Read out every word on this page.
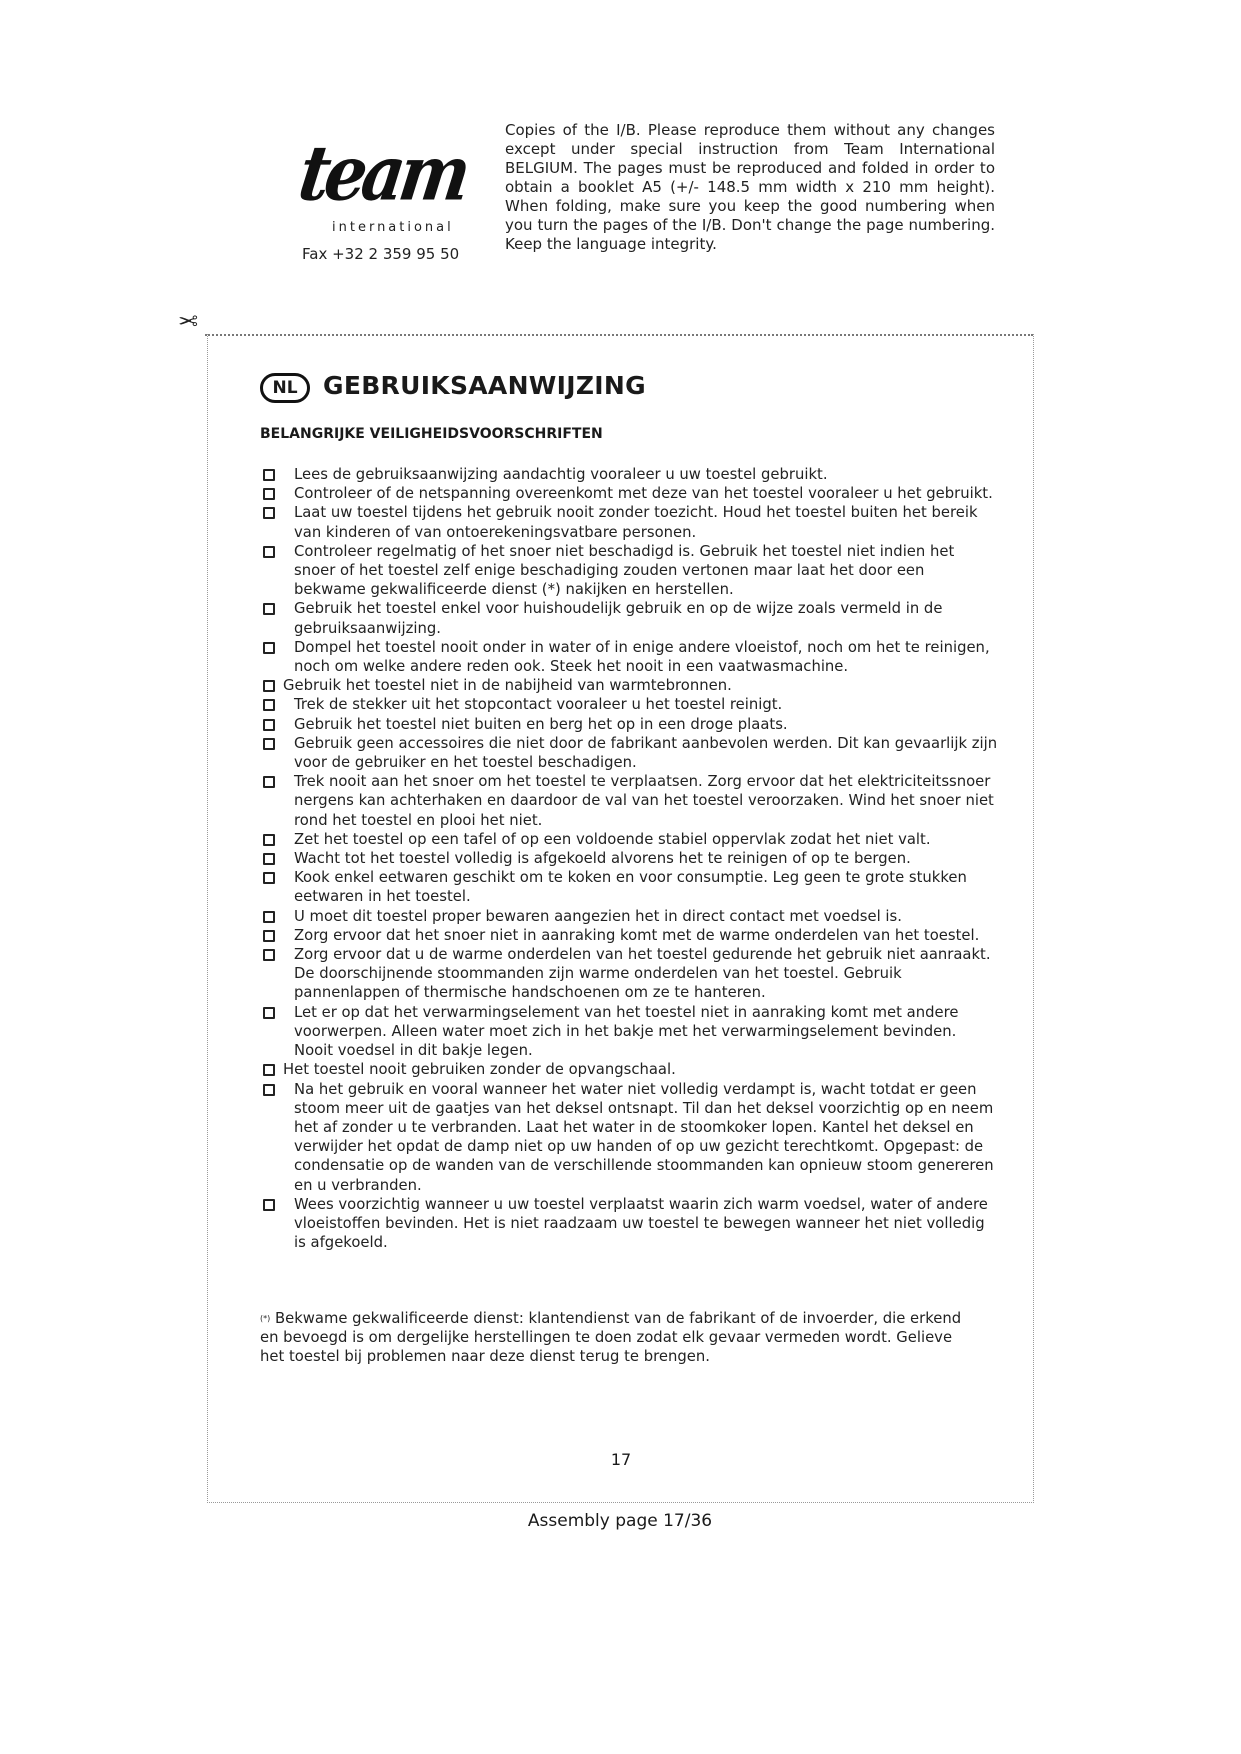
team
international
Fax +32 2 359 95 50

Copies of the I/B. Please reproduce them without any changes except under special instruction from Team International BELGIUM. The pages must be reproduced and folded in order to obtain a booklet A5 (+/- 148.5 mm width x 210 mm height). When folding, make sure you keep the good numbering when you turn the pages of the I/B. Don't change the page numbering. Keep the language integrity.

✂
NL	GEBRUIKSAANWIJZING
BELANGRIJKE VEILIGHEIDSVOORSCHRIFTEN
Lees de gebruiksaanwijzing aandachtig vooraleer u uw toestel gebruikt.
Controleer of de netspanning overeenkomt met deze van het toestel vooraleer u het gebruikt.
Laat uw toestel tijdens het gebruik nooit zonder toezicht. Houd het toestel buiten het bereik van kinderen of van ontoerekeningsvatbare personen.
Controleer regelmatig of het snoer niet beschadigd is. Gebruik het toestel niet indien het snoer of het toestel zelf enige beschadiging zouden vertonen maar laat het door een bekwame gekwalificeerde dienst (*) nakijken en herstellen.
Gebruik het toestel enkel voor huishoudelijk gebruik en op de wijze zoals vermeld in de gebruiksaanwijzing.
Dompel het toestel nooit onder in water of in enige andere vloeistof, noch om het te reinigen, noch om welke andere reden ook. Steek het nooit in een vaatwasmachine.
Gebruik het toestel niet in de nabijheid van warmtebronnen.
Trek de stekker uit het stopcontact vooraleer u het toestel reinigt.
Gebruik het toestel niet buiten en berg het op in een droge plaats.
Gebruik geen accessoires die niet door de fabrikant aanbevolen werden. Dit kan gevaarlijk zijn voor de gebruiker en het toestel beschadigen.
Trek nooit aan het snoer om het toestel te verplaatsen. Zorg ervoor dat het elektriciteitssnoer nergens kan achterhaken en daardoor de val van het toestel veroorzaken. Wind het snoer niet rond het toestel en plooi het niet.
Zet het toestel op een tafel of op een voldoende stabiel oppervlak zodat het niet valt.
Wacht tot het toestel volledig is afgekoeld alvorens het te reinigen of op te bergen.
Kook enkel eetwaren geschikt om te koken en voor consumptie. Leg geen te grote stukken eetwaren in het toestel.
U moet dit toestel proper bewaren aangezien het in direct contact met voedsel is.
Zorg ervoor dat het snoer niet in aanraking komt met de warme onderdelen van het toestel.
Zorg ervoor dat u de warme onderdelen van het toestel gedurende het gebruik niet aanraakt. De doorschijnende stoommanden zijn warme onderdelen van het toestel. Gebruik pannenlappen of thermische handschoenen om ze te hanteren.
Let er op dat het verwarmingselement van het toestel niet in aanraking komt met andere voorwerpen. Alleen water moet zich in het bakje met het verwarmingselement bevinden. Nooit voedsel in dit bakje legen.
Het toestel nooit gebruiken zonder de opvangschaal.
Na het gebruik en vooral wanneer het water niet volledig verdampt is, wacht totdat er geen stoom meer uit de gaatjes van het deksel ontsnapt. Til dan het deksel voorzichtig op en neem het af zonder u te verbranden. Laat het water in de stoomkoker lopen. Kantel het deksel en verwijder het opdat de damp niet op uw handen of op uw gezicht terechtkomt. Opgepast: de condensatie op de wanden van de verschillende stoommanden kan opnieuw stoom genereren en u verbranden.
Wees voorzichtig wanneer u uw toestel verplaatst waarin zich warm voedsel, water of andere vloeistoffen bevinden. Het is niet raadzaam uw toestel te bewegen wanneer het niet volledig is afgekoeld.

(*) Bekwame gekwalificeerde dienst: klantendienst van de fabrikant of de invoerder, die erkend en bevoegd is om dergelijke herstellingen te doen zodat elk gevaar vermeden wordt. Gelieve het toestel bij problemen naar deze dienst terug te brengen.

17
Assembly page 17/36
